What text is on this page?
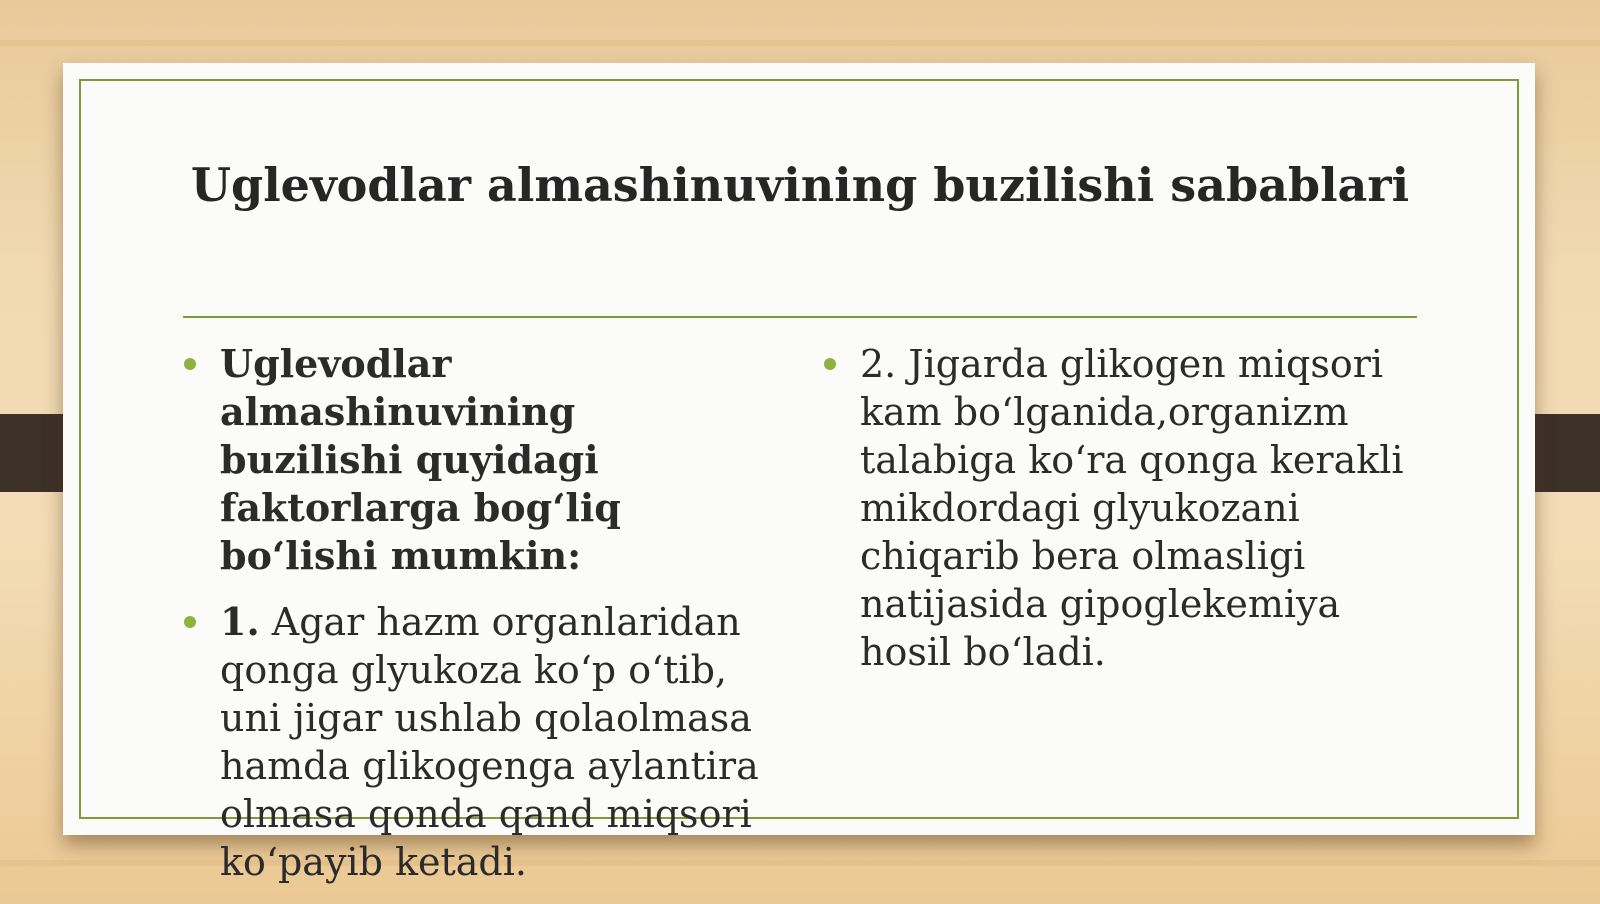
Uglevodlar almashinuvining buzilishi sabablari
Uglevodlar almashinuvining buzilishi quyidagi faktorlarga bog‘liq bo‘lishi mumkin:
1. Agar hazm organlaridan qonga glyukoza ko‘p o‘tib, uni jigar ushlab qolaolmasa hamda glikogenga aylantira olmasa qonda qand miqsori ko‘payib ketadi.
2. Jigarda glikogen miqsori kam bo‘lganida,organizm talabiga ko‘ra qonga kerakli mikdordagi glyukozani chiqarib bera olmasligi natijasida gipoglekemiya hosil bo‘ladi.
